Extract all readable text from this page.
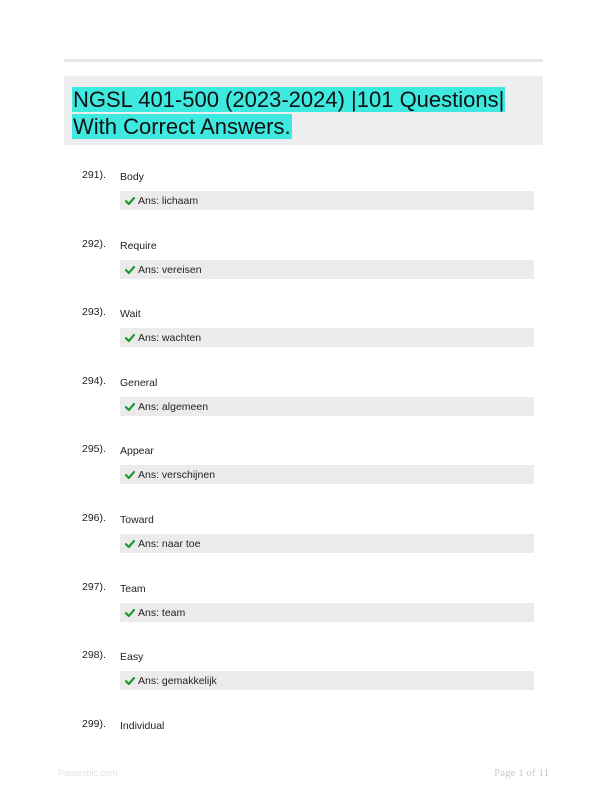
NGSL 401-500 (2023-2024) |101 Questions| With Correct Answers.
291). Body
Ans: lichaam
292). Require
Ans: vereisen
293). Wait
Ans: wachten
294). General
Ans: algemeen
295). Appear
Ans: verschijnen
296). Toward
Ans: naar toe
297). Team
Ans: team
298). Easy
Ans: gemakkelijk
299). Individual
Papersbic.com	Page 1 of 11
